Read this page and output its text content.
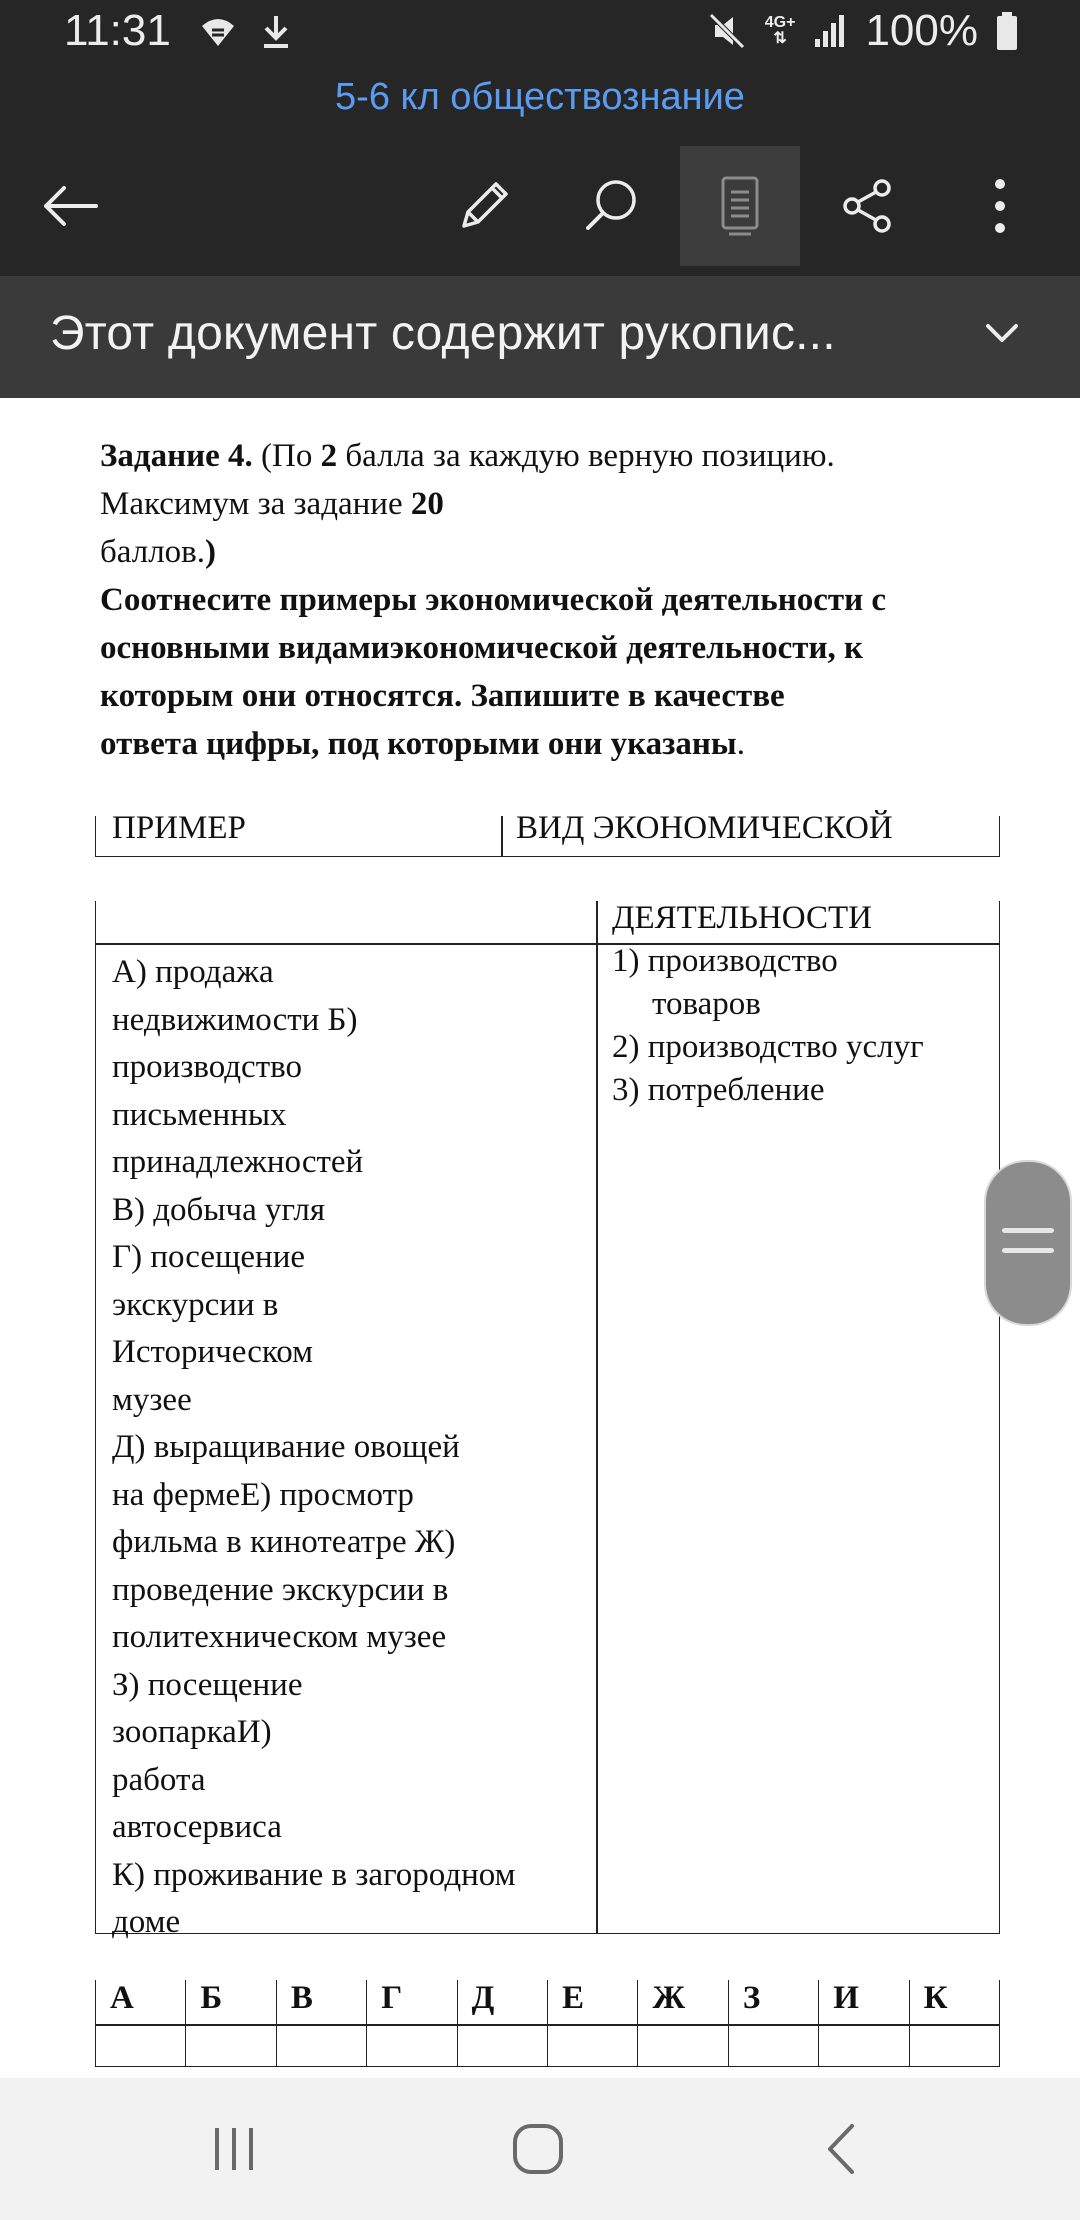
11:31	4G+
⇅ 100%
5-6 кл обществознание
Этот документ содержит рукопис...
Задание 4. (По 2 балла за каждую верную позицию.
Максимум за задание 20
баллов.)
Соотнесите примеры экономической деятельности с
основными видамиэкономической деятельности, к
которым они относятся. Запишите в качестве
ответа цифры, под которыми они указаны.
ПРИМЕР	ВИД ЭКОНОМИЧЕСКОЙ
А) продажа
недвижимости Б)
производство
письменных
принадлежностей
В) добыча угля
Г) посещение
экскурсии в
Историческом
музее
Д) выращивание овощей
на фермеЕ) просмотр
фильма в кинотеатре Ж)
проведение экскурсии в
политехническом музее
З) посещение
зоопаркаИ)
работа
автосервиса
К) проживание в загородном
доме
ДЕЯТЕЛЬНОСТИ
1) производство
товаров
2) производство услуг
3) потребление
А Б В Г Д Е Ж З И К
